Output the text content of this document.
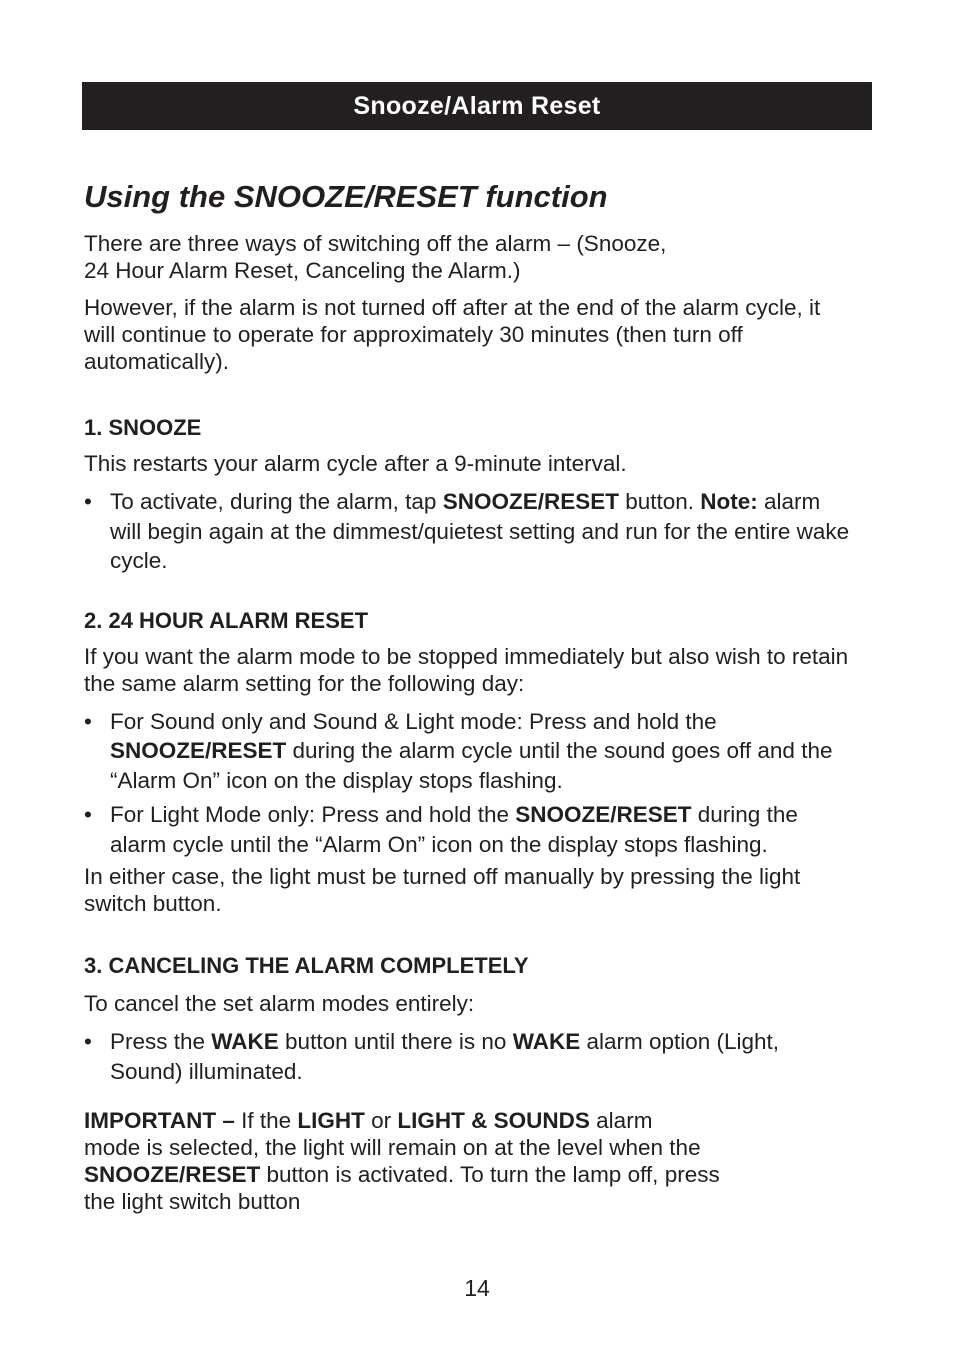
Snooze/Alarm Reset
Using the SNOOZE/RESET function

There are three ways of switching off the alarm – (Snooze,
24 Hour Alarm Reset, Canceling the Alarm.)

However, if the alarm is not turned off after at the end of the alarm cycle, it will continue to operate for approximately 30 minutes (then turn off automatically).

1. SNOOZE

This restarts your alarm cycle after a 9-minute interval.

• To activate, during the alarm, tap SNOOZE/RESET button. Note: alarm will begin again at the dimmest/quietest setting and run for the entire wake cycle.
2. 24 HOUR ALARM RESET

If you want the alarm mode to be stopped immediately but also wish to retain the same alarm setting for the following day:

• For Sound only and Sound & Light mode: Press and hold the SNOOZE/RESET during the alarm cycle until the sound goes off and the “Alarm On” icon on the display stops flashing.
• For Light Mode only: Press and hold the SNOOZE/RESET during the alarm cycle until the “Alarm On” icon on the display stops flashing.

In either case, the light must be turned off manually by pressing the light switch button.

3. CANCELING THE ALARM COMPLETELY

To cancel the set alarm modes entirely:

• Press the WAKE button until there is no WAKE alarm option (Light, Sound) illuminated.

IMPORTANT – If the LIGHT or LIGHT & SOUNDS alarm
mode is selected, the light will remain on at the level when the
SNOOZE/RESET button is activated. To turn the lamp off, press
the light switch button

14
